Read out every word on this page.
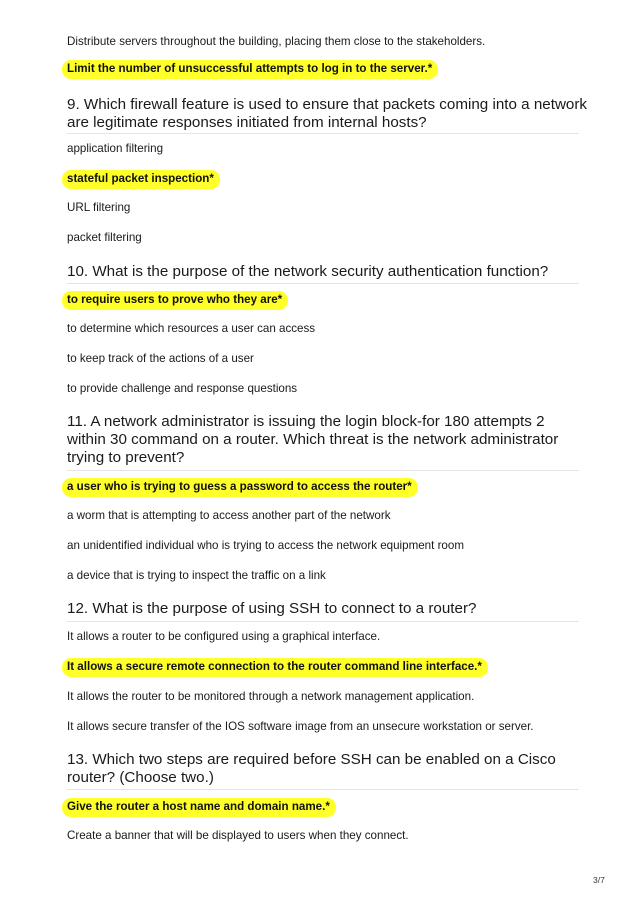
Distribute servers throughout the building, placing them close to the stakeholders.
Limit the number of unsuccessful attempts to log in to the server.*
9. Which firewall feature is used to ensure that packets coming into a network are legitimate responses initiated from internal hosts?
application filtering
stateful packet inspection*
URL filtering
packet filtering
10. What is the purpose of the network security authentication function?
to require users to prove who they are*
to determine which resources a user can access
to keep track of the actions of a user
to provide challenge and response questions
11. A network administrator is issuing the login block-for 180 attempts 2 within 30 command on a router. Which threat is the network administrator trying to prevent?
a user who is trying to guess a password to access the router*
a worm that is attempting to access another part of the network
an unidentified individual who is trying to access the network equipment room
a device that is trying to inspect the traffic on a link
12. What is the purpose of using SSH to connect to a router?
It allows a router to be configured using a graphical interface.
It allows a secure remote connection to the router command line interface.*
It allows the router to be monitored through a network management application.
It allows secure transfer of the IOS software image from an unsecure workstation or server.
13. Which two steps are required before SSH can be enabled on a Cisco router? (Choose two.)
Give the router a host name and domain name.*
Create a banner that will be displayed to users when they connect.
3/7
